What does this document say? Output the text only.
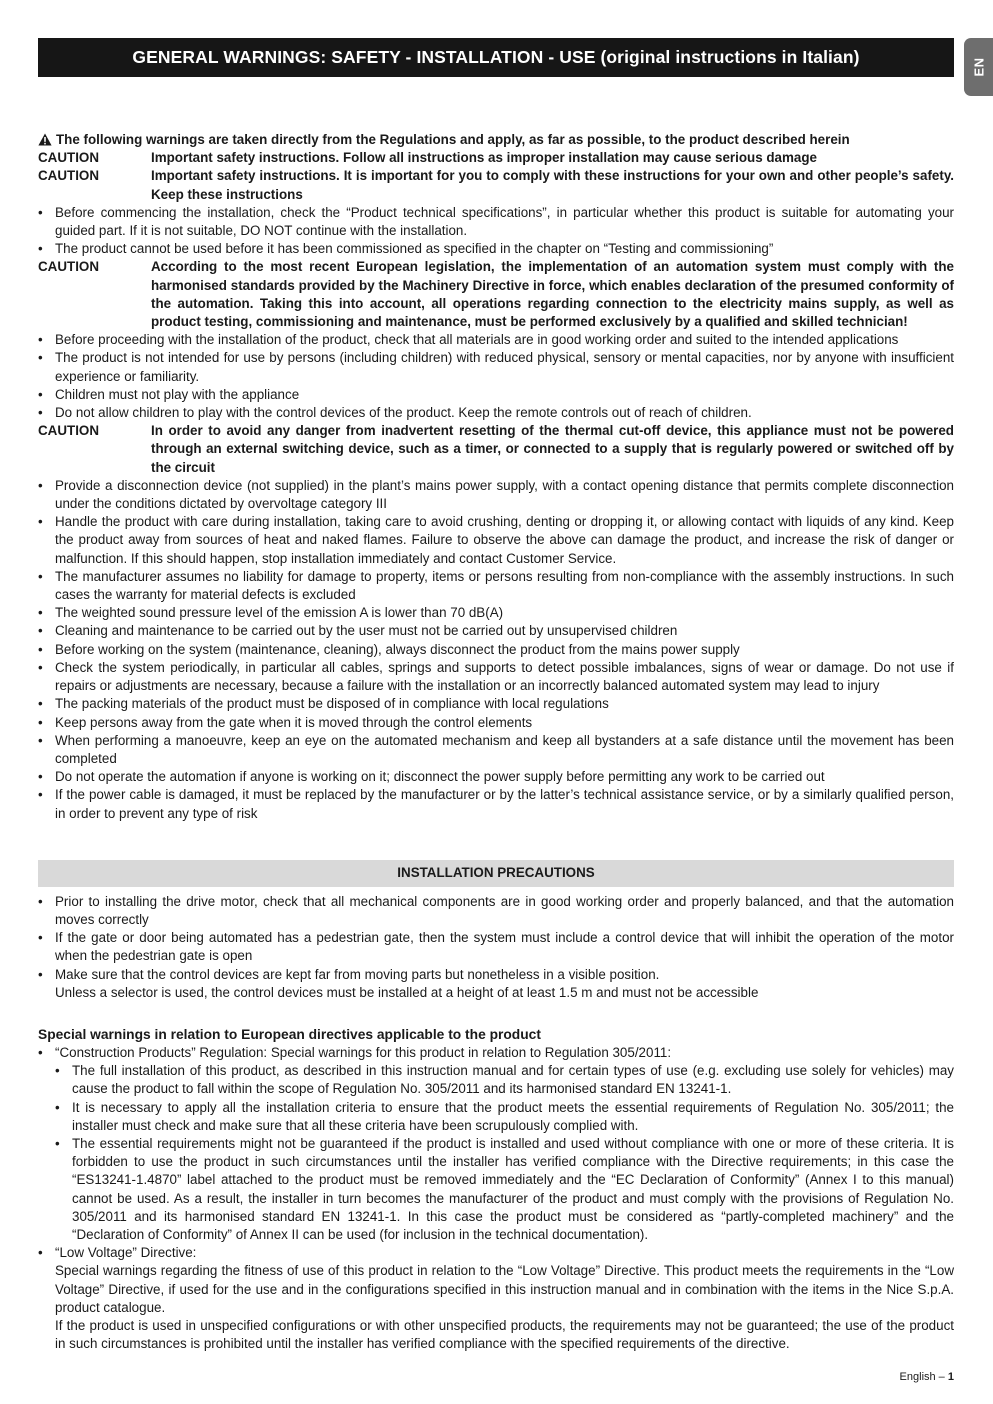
GENERAL WARNINGS: SAFETY - INSTALLATION - USE (original instructions in Italian)	EN

The following warnings are taken directly from the Regulations and apply, as far as possible, to the product described herein

CAUTION	Important safety instructions. Follow all instructions as improper installation may cause serious damage
CAUTION	Important safety instructions. It is important for you to comply with these instructions for your own and other people’s safety. Keep these instructions
• Before commencing the installation, check the “Product technical specifications”, in particular whether this product is suitable for automating your guided part. If it is not suitable, DO NOT continue with the installation.
• The product cannot be used before it has been commissioned as specified in the chapter on “Testing and commissioning”
CAUTION	According to the most recent European legislation, the implementation of an automation system must comply with the harmonised standards provided by the Machinery Directive in force, which enables declaration of the presumed conformity of the automation. Taking this into account, all operations regarding connection to the electricity mains supply, as well as product testing, commissioning and maintenance, must be performed exclusively by a qualified and skilled technician!
• Before proceeding with the installation of the product, check that all materials are in good working order and suited to the intended applications
• The product is not intended for use by persons (including children) with reduced physical, sensory or mental capacities, nor by anyone with insufficient experience or familiarity.
• Children must not play with the appliance
• Do not allow children to play with the control devices of the product. Keep the remote controls out of reach of children.
CAUTION	In order to avoid any danger from inadvertent resetting of the thermal cut-off device, this appliance must not be powered through an external switching device, such as a timer, or connected to a supply that is regularly powered or switched off by the circuit
• Provide a disconnection device (not supplied) in the plant’s mains power supply, with a contact opening distance that permits complete disconnection under the conditions dictated by overvoltage category III
• Handle the product with care during installation, taking care to avoid crushing, denting or dropping it, or allowing contact with liquids of any kind. Keep the product away from sources of heat and naked flames. Failure to observe the above can damage the product, and increase the risk of danger or malfunction. If this should happen, stop installation immediately and contact Customer Service.
• The manufacturer assumes no liability for damage to property, items or persons resulting from non-compliance with the assembly instructions. In such cases the warranty for material defects is excluded
• The weighted sound pressure level of the emission A is lower than 70 dB(A)
• Cleaning and maintenance to be carried out by the user must not be carried out by unsupervised children
• Before working on the system (maintenance, cleaning), always disconnect the product from the mains power supply
• Check the system periodically, in particular all cables, springs and supports to detect possible imbalances, signs of wear or damage. Do not use if repairs or adjustments are necessary, because a failure with the installation or an incorrectly balanced automated system may lead to injury
• The packing materials of the product must be disposed of in compliance with local regulations
• Keep persons away from the gate when it is moved through the control elements
• When performing a manoeuvre, keep an eye on the automated mechanism and keep all bystanders at a safe distance until the movement has been completed
• Do not operate the automation if anyone is working on it; disconnect the power supply before permitting any work to be carried out
• If the power cable is damaged, it must be replaced by the manufacturer or by the latter’s technical assistance service, or by a similarly qualified person, in order to prevent any type of risk
INSTALLATION PRECAUTIONS
• Prior to installing the drive motor, check that all mechanical components are in good working order and properly balanced, and that the automation moves correctly
• If the gate or door being automated has a pedestrian gate, then the system must include a control device that will inhibit the operation of the motor when the pedestrian gate is open
• Make sure that the control devices are kept far from moving parts but nonetheless in a visible position.
Unless a selector is used, the control devices must be installed at a height of at least 1.5 m and must not be accessible

Special warnings in relation to European directives applicable to the product

• “Construction Products” Regulation: Special warnings for this product in relation to Regulation 305/2011:
• The full installation of this product, as described in this instruction manual and for certain types of use (e.g. excluding use solely for vehicles) may cause the product to fall within the scope of Regulation No. 305/2011 and its harmonised standard EN 13241-1.
• It is necessary to apply all the installation criteria to ensure that the product meets the essential requirements of Regulation No. 305/2011; the installer must check and make sure that all these criteria have been scrupulously complied with.
• The essential requirements might not be guaranteed if the product is installed and used without compliance with one or more of these criteria. It is forbidden to use the product in such circumstances until the installer has verified compliance with the Directive requirements; in this case the “ES13241-1.4870” label attached to the product must be removed immediately and the “EC Declaration of Conformity” (Annex I to this manual) cannot be used. As a result, the installer in turn becomes the manufacturer of the product and must comply with the provisions of Regulation No. 305/2011 and its harmonised standard EN 13241-1. In this case the product must be considered as “partly-completed machinery” and the “Declaration of Conformity” of Annex II can be used (for inclusion in the technical documentation).
• “Low Voltage” Directive:

Special warnings regarding the fitness of use of this product in relation to the “Low Voltage” Directive. This product meets the requirements in the “Low Voltage” Directive, if used for the use and in the configurations specified in this instruction manual and in combination with the items in the Nice S.p.A. product catalogue.

If the product is used in unspecified configurations or with other unspecified products, the requirements may not be guaranteed; the use of the product in such circumstances is prohibited until the installer has verified compliance with the specified requirements of the directive.

English – 1
